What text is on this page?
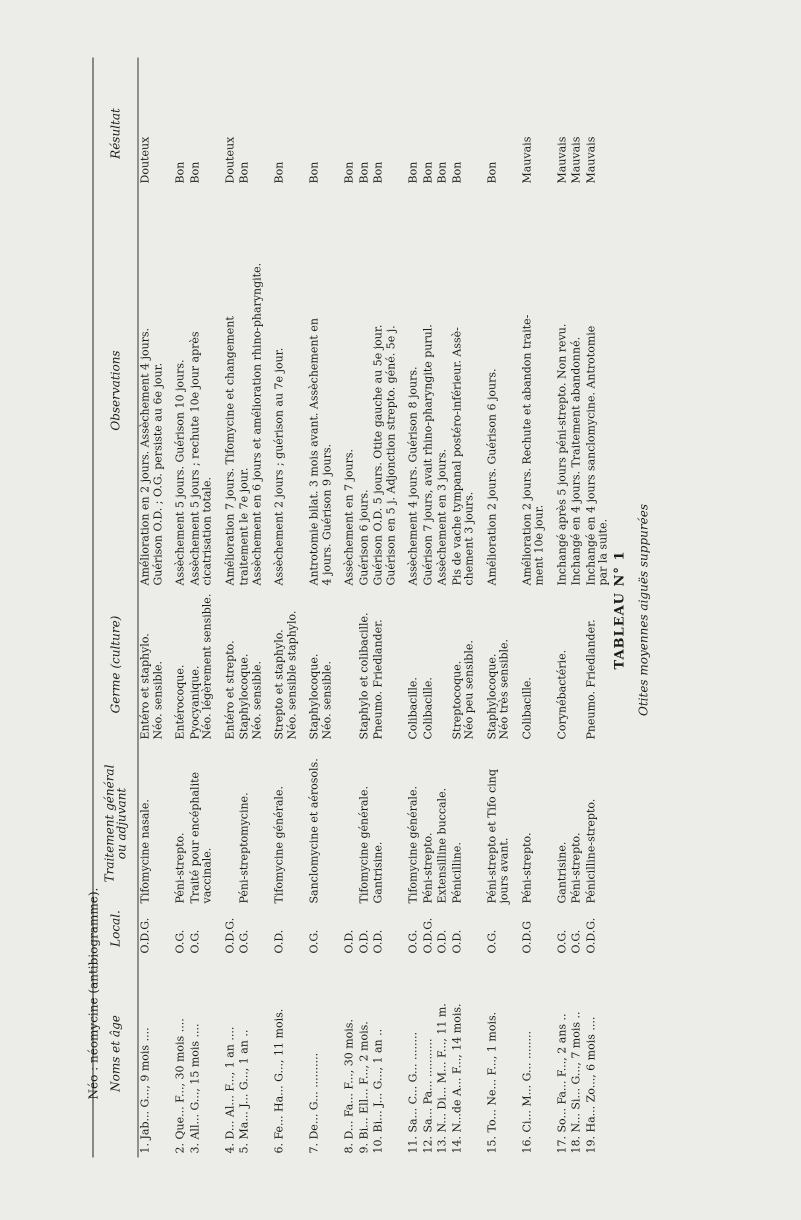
TABLEAU N° 1 Otites moyennes aiguës suppurées
Noms et âge
Local.
Traitement général
ou adjuvant
Germe (culture)
Observations
Résultat
1. Jab... G..., 9 mois ....
O.D.G.
Tifomycine nasale.
Entéro et staphylo. Néo. sensible.
Amélioration en 2 jours. Assèchement 4 jours. Guérison O.D. ; O.G. persiste au 6e jour.
Douteux
2. Que... F..., 30 mois ....
O.G.
Péni-strepto.
Entérocoque.
Assèchement 5 jours. Guérison 10 jours.
Bon
3. All... G..., 15 mois ....
O.G.
Traité pour encéphalite vaccinale.
Pyocyanique. Néo. légèrement sensible.
Assèchement 5 jours ; rechute 10e jour après cicatrisation totale.
Bon
4. D... Al... F..., 1 an ....
O.D.G.
Entéro et strepto.
Amélioration 7 jours. Tifomycine et changement
Douteux
5. Ma... J... G..., 1 an ..
O.G.
Péni-streptomycine.
Staphylocoque. Néo. sensible.
traitement le 7e jour. Assèchement en 6 jours et amélioration rhino-pharyngite.
Bon
6. Fe... Ha... G..., 11 mois.
O.D.
Tifomycine générale.
Strepto et staphylo. Néo. sensible staphylo.
Assèchement 2 jours ; guérison au 7e jour.
Bon
7. De... G... ..........
O.G.
Sanclomycine et aérosols.
Staphylocoque. Néo. sensible.
Antrotomie bilat. 3 mois avant. Assèchement en 4 jours. Guérison 9 jours.
Bon
8. D... Fa... F..., 30 mois.
O.D.
Assèchement en 7 jours.
Bon
9. Bi... Ell... F..., 2 mois.
O.D.
Tifomycine générale.
Staphylo et colibacille.
Guérison 6 jours.
Bon
10. Bi... J... G..., 1 an ..
O.D.
Gantrisine.
Pneumo. Friedlander.
Guérison O.D. 5 jours. Otite gauche au 5e jour. Guérison en 5 j. Adjonction strepto. géné. 5e j.
Bon
11. Sa... C... G... ........
O.G.
Tifomycine générale.
Colibacille.
Assèchement 4 jours. Guérison 8 jours.
Bon
12. Sa... Pa... ...........
O.D.G.
Péni-strepto.
Colibacille.
Guérison 7 jours, avait rhino-pharyngite purul.
Bon
13. N... Di... M... F..., 11 m.
O.D.
Extensilline buccale.
Assèchement en 3 jours.
Bon
14. N...de A... F..., 14 mois.
O.D.
Pénicilline.
Streptocoque. Néo peu sensible.
Pis de vache tympanal postéro-inférieur. Assè- chement 3 jours.
Bon
15. To... Ne... F..., 1 mois.
O.G.
Péni-strepto et Tifo cinq jours avant.
Staphylocoque. Néo très sensible.
Amélioration 2 jours. Guérison 6 jours.
Bon
16. Ci... M... G... ........
O.D.G
Péni-strepto.
Colibacille.
Amélioration 2 jours. Rechute et abandon traite- ment 10e jour.
Mauvais
17. So... Fa... F..., 2 ans ..
O.G.
Gantrisine.
Corynébactérie.
Inchangé après 5 jours péni-strepto. Non revu.
Mauvais
18. N... Si... G..., 7 mois ..
O.G.
Péni-strepto.
Inchangé en 4 jours. Traitement abandonné.
Mauvais
19. Ha... Zo..., 6 mois ....
O.D.G.
Pénicilline-strepto.
Pneumo. Friedlander.
Inchangé en 4 jours sanclomycine. Antrotomie par la suite.
Mauvais
Néo : néomycine (antibiogramme).
